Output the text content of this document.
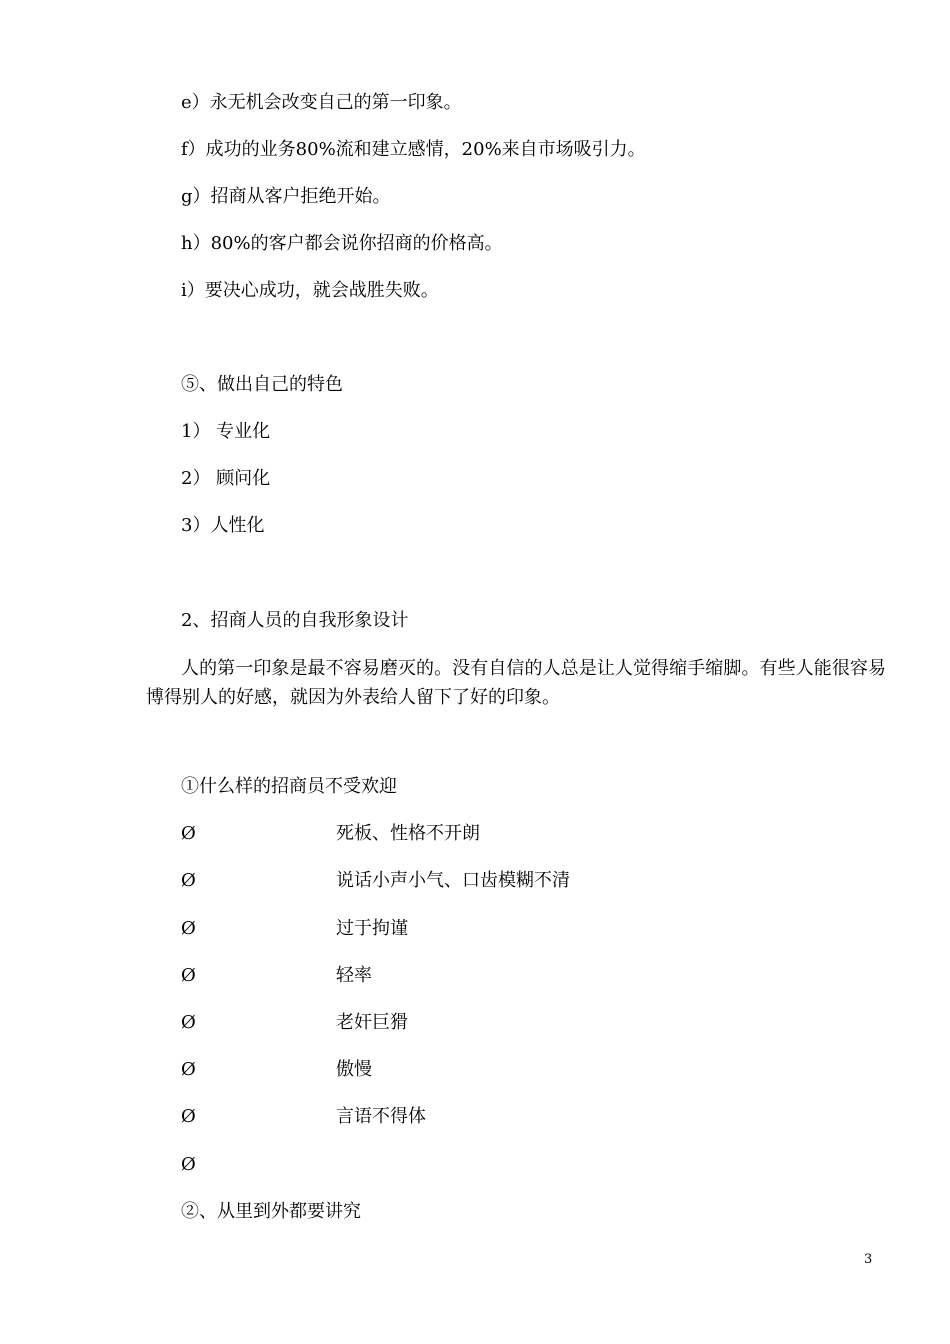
e）永无机会改变自己的第一印象。
f）成功的业务80%流和建立感情，20%来自市场吸引力。
g）招商从客户拒绝开始。
h）80%的客户都会说你招商的价格高。
i）要决心成功，就会战胜失败。
⑤、做出自己的特色
1） 专业化
2） 顾问化
3）人性化
2、招商人员的自我形象设计
人的第一印象是最不容易磨灭的。没有自信的人总是让人觉得缩手缩脚。有些人能很容易博得别人的好感，就因为外表给人留下了好的印象。
①什么样的招商员不受欢迎
Ø	死板、性格不开朗
Ø	说话小声小气、口齿模糊不清
Ø	过于拘谨
Ø	轻率
Ø	老奸巨猾
Ø	傲慢
Ø	言语不得体
Ø
②、从里到外都要讲究
3
